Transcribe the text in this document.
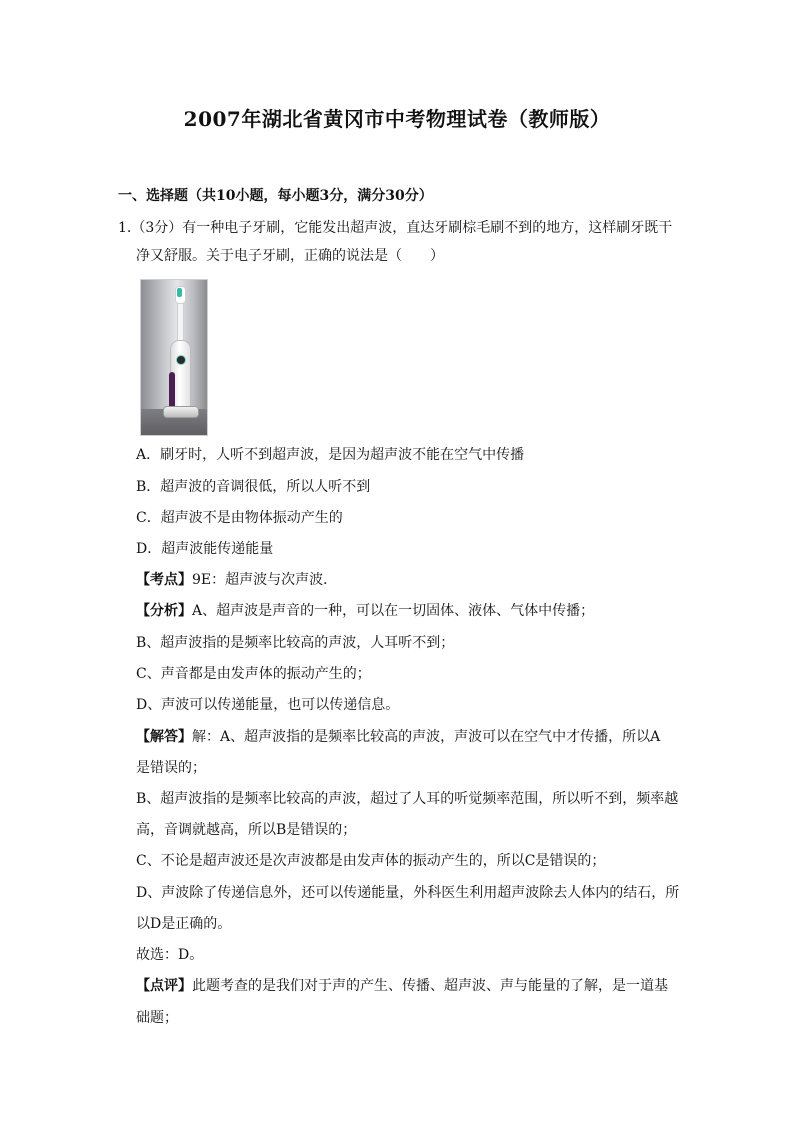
2007年湖北省黄冈市中考物理试卷（教师版）
一、选择题（共10小题，每小题3分，满分30分）
1.（3分）有一种电子牙刷，它能发出超声波，直达牙刷棕毛刷不到的地方，这样刷牙既干
净又舒服。关于电子牙刷，正确的说法是（　　）
A．刷牙时，人听不到超声波，是因为超声波不能在空气中传播
B．超声波的音调很低，所以人听不到
C．超声波不是由物体振动产生的
D．超声波能传递能量
【考点】9E：超声波与次声波．
【分析】A、超声波是声音的一种，可以在一切固体、液体、气体中传播；
B、超声波指的是频率比较高的声波，人耳听不到；
C、声音都是由发声体的振动产生的；
D、声波可以传递能量，也可以传递信息。
【解答】解：A、超声波指的是频率比较高的声波，声波可以在空气中才传播，所以A
是错误的；
B、超声波指的是频率比较高的声波，超过了人耳的听觉频率范围，所以听不到，频率越
高，音调就越高，所以B是错误的；
C、不论是超声波还是次声波都是由发声体的振动产生的，所以C是错误的；
D、声波除了传递信息外，还可以传递能量，外科医生利用超声波除去人体内的结石，所
以D是正确的。
故选：D。
【点评】此题考查的是我们对于声的产生、传播、超声波、声与能量的了解，是一道基
础题；
